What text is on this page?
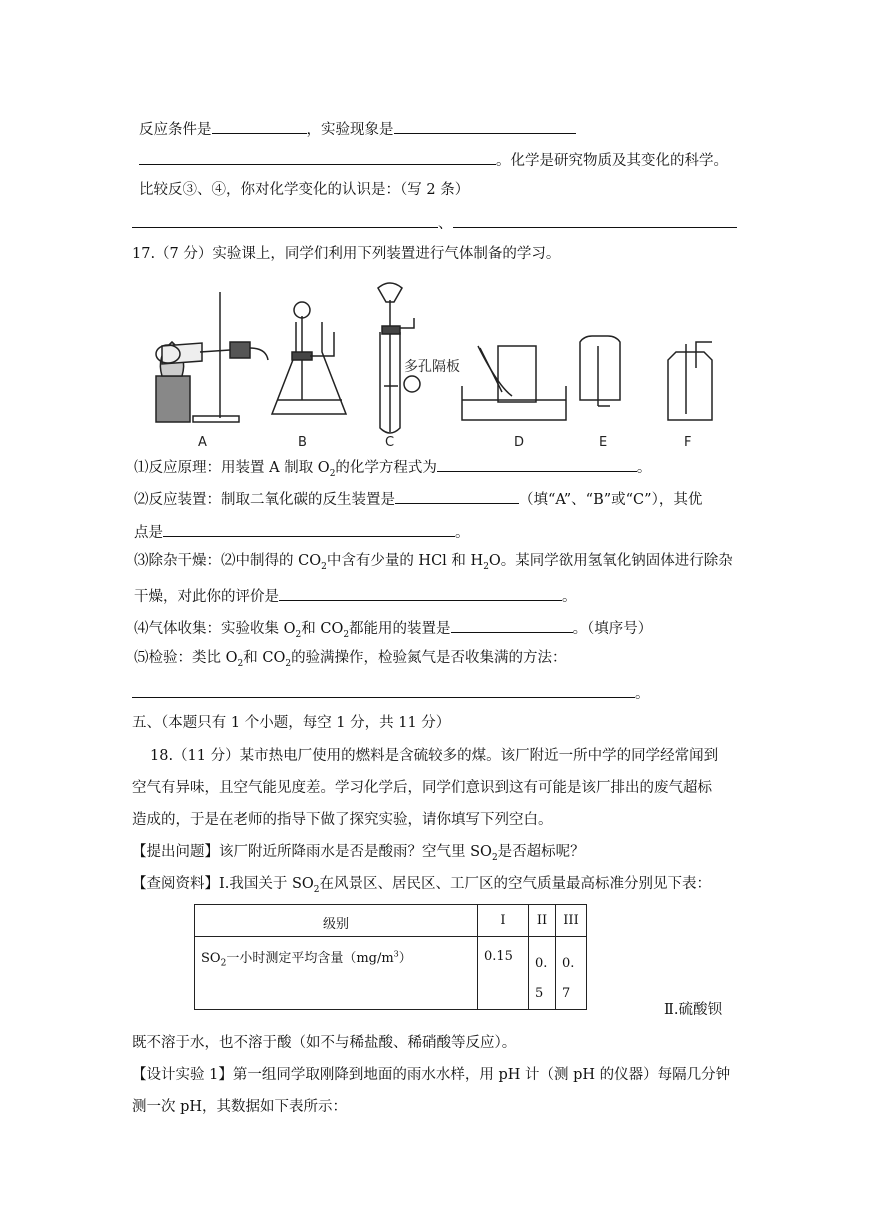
反应条件是	，实验现象是
。化学是研究物质及其变化的科学。
比较反③、④，你对化学变化的认识是：（写 2 条）
、
17.（7 分）实验课上，同学们利用下列装置进行气体制备的学习。
A	B	C	D	E	F
多孔隔板
⑴反应原理：用装置 A 制取 $O_2$的化学方程式为	。
⑵反应装置：制取二氧化碳的反生装置是	（填“A”、“B”或“C”），其优
点是	。
⑶除杂干燥：⑵中制得的 $CO_2$中含有少量的 HCl 和 $H_2O$。某同学欲用氢氧化钠固体进行除杂
干燥，对此你的评价是	。
⑷气体收集：实验收集 $O_2$和 $CO_2$都能用的装置是	。（填序号）
⑸检验：类比 $O_2$和 $CO_2$的验满操作，检验氮气是否收集满的方法：
。
五、（本题只有 1 个小题，每空 1 分，共 11 分）
18.（11 分）某市热电厂使用的燃料是含硫较多的煤。该厂附近一所中学的同学经常闻到
空气有异味，且空气能见度差。学习化学后，同学们意识到这有可能是该厂排出的废气超标
造成的，于是在老师的指导下做了探究实验，请你填写下列空白。
【提出问题】该厂附近所降雨水是否是酸雨？空气里 $SO_2$是否超标呢？
【查阅资料】Ⅰ.我国关于 $SO_2$在风景区、居民区、工厂区的空气质量最高标准分别见下表：
级别	I	II	III
$SO_2$一小时测定平均含量$(mg/m^3)$	0.15	0.5	0.7
Ⅱ.硫酸钡
既不溶于水，也不溶于酸（如不与稀盐酸、稀硝酸等反应）。
【设计实验 1】第一组同学取刚降到地面的雨水水样，用 pH 计（测 pH 的仪器）每隔几分钟
测一次 pH，其数据如下表所示：
